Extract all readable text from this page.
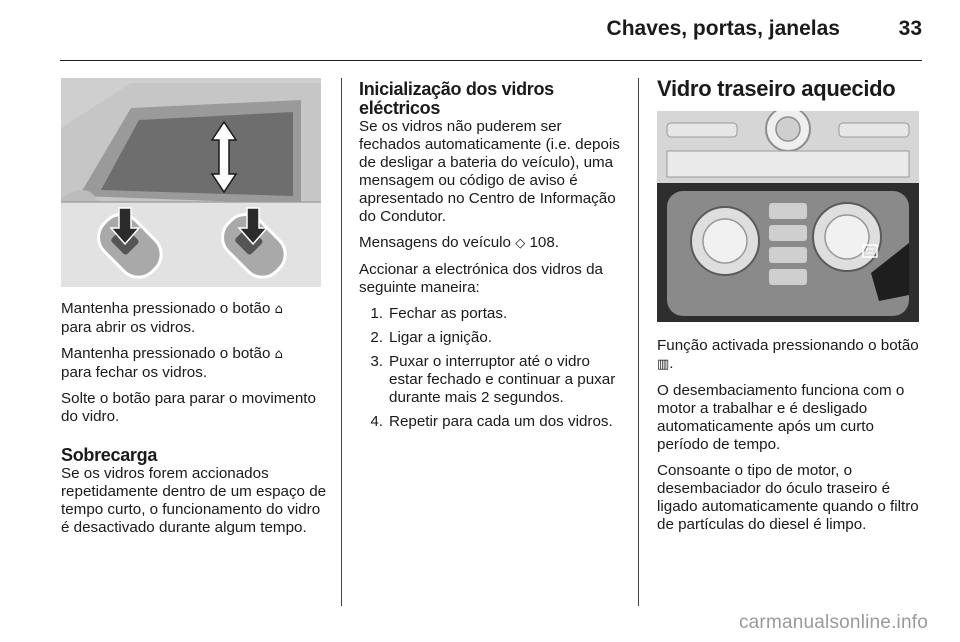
Chaves, portas, janelas	33

Mantenha pressionado o botão ⌂
para abrir os vidros.

Mantenha pressionado o botão ⌂
para fechar os vidros.

Solte o botão para parar o movimento do vidro.

Sobrecarga

Se os vidros forem accionados repetidamente dentro de um espaço de tempo curto, o funcionamento do vidro é desactivado durante algum tempo.

Inicialização dos vidros eléctricos

Se os vidros não puderem ser fechados automaticamente (i.e. depois de desligar a bateria do veículo), uma mensagem ou código de aviso é apresentado no Centro de Informação do Condutor.

Mensagens do veículo ◇ 108.

Accionar a electrónica dos vidros da seguinte maneira:

1. Fechar as portas.
2. Ligar a ignição.
3. Puxar o interruptor até o vidro estar fechado e continuar a puxar durante mais 2 segundos.
4. Repetir para cada um dos vidros.
Vidro traseiro aquecido

Função activada pressionando o botão ▥.

O desembaciamento funciona com o motor a trabalhar e é desligado automaticamente após um curto período de tempo.

Consoante o tipo de motor, o desembaciador do óculo traseiro é ligado automaticamente quando o filtro de partículas do diesel é limpo.

carmanualsonline.info
